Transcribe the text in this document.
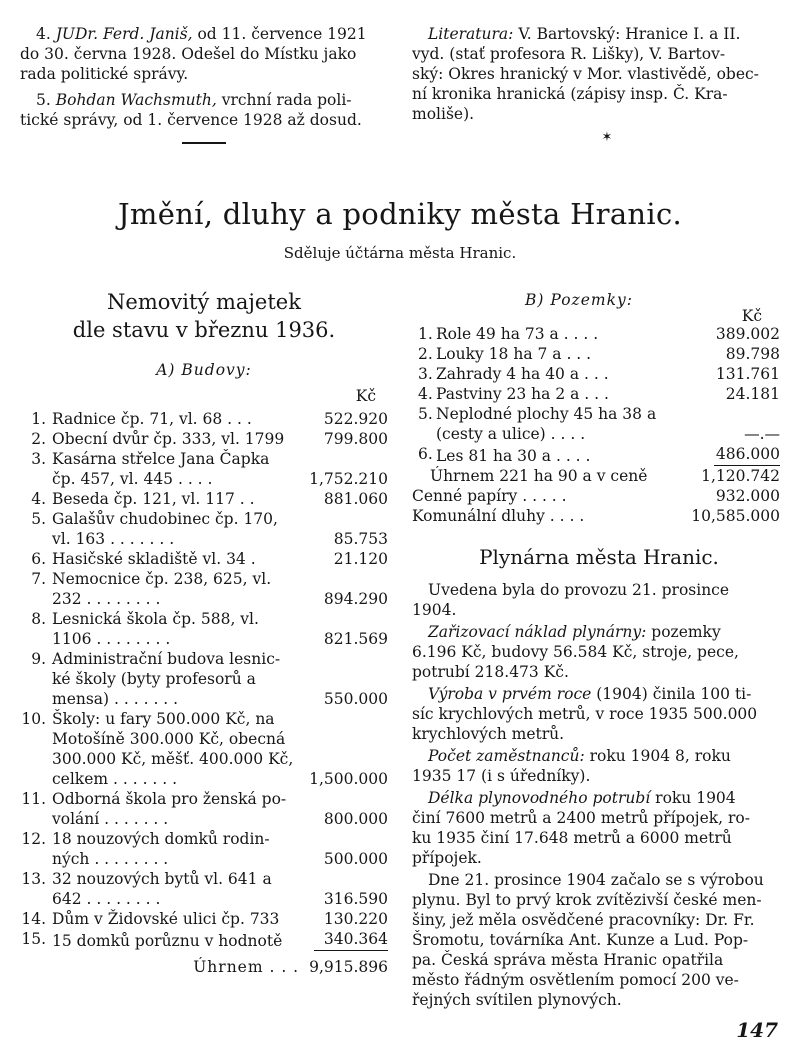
4. JUDr. Ferd. Janiš, od 11. července 1921
do 30. června 1928. Odešel do Místku jako
rada politické správy.
5. Bohdan Wachsmuth, vrchní rada poli-
tické správy, od 1. července 1928 až dosud.
Literatura: V. Bartovský: Hranice I. a II.
vyd. (stať profesora R. Lišky), V. Bartov-
ský: Okres hranický v Mor. vlastivědě, obec-
ní kronika hranická (zápisy insp. Č. Kra-
moliše).
✶
Jmění, dluhy a podniky města Hranic.
Sděluje účtárna města Hranic.
Nemovitý majetek
dle stavu v březnu 1936.
A) Budovy:
Kč
1. Radnice čp. 71, vl. 68 . . .	522.920
2. Obecní dvůr čp. 333, vl. 1799	799.800
3. Kasárna střelce Jana Čapka
čp. 457, vl. 445 . . . .	1,752.210
4. Beseda čp. 121, vl. 117 . .	881.060
5. Galašův chudobinec čp. 170,
vl. 163 . . . . . . .	85.753
6. Hasičské skladiště vl. 34 .	21.120
7. Nemocnice čp. 238, 625, vl.
232 . . . . . . . .	894.290
8. Lesnická škola čp. 588, vl.
1106 . . . . . . . .	821.569
9. Administrační budova lesnic-
ké školy (byty profesorů a
mensa) . . . . . . .	550.000
10. Školy: u fary 500.000 Kč, na
Motošíně 300.000 Kč, obecná
300.000 Kč, měšť. 400.000 Kč,
celkem . . . . . . .	1,500.000
11. Odborná škola pro ženská po-
volání . . . . . . .	800.000
12. 18 nouzových domků rodin-
ných . . . . . . . .	500.000
13. 32 nouzových bytů vl. 641 a
642 . . . . . . . .	316.590
14. Dům v Židovské ulici čp. 733	130.220
15. 15 domků porůznu v hodnotě	340.364
Úhrnem . . . 9,915.896
B) Pozemky:
Kč
1. Role 49 ha 73 a . . . .	389.002
2. Louky 18 ha 7 a . . .	89.798
3. Zahrady 4 ha 40 a . . .	131.761
4. Pastviny 23 ha 2 a . . .	24.181
5. Neplodné plochy 45 ha 38 a
(cesty a ulice) . . . .	—.—
6. Les 81 ha 30 a . . . .	486.000
Úhrnem 221 ha 90 a v ceně	1,120.742
Cenné papíry . . . . .	932.000
Komunální dluhy . . . .	10,585.000
Plynárna města Hranic.
Uvedena byla do provozu 21. prosince
1904.
Zařizovací náklad plynárny: pozemky
6.196 Kč, budovy 56.584 Kč, stroje, pece,
potrubí 218.473 Kč.
Výroba v prvém roce (1904) činila 100 ti-
síc krychlových metrů, v roce 1935 500.000
krychlových metrů.
Počet zaměstnanců: roku 1904 8, roku
1935 17 (i s úředníky).
Délka plynovodného potrubí roku 1904
činí 7600 metrů a 2400 metrů přípojek, ro-
ku 1935 činí 17.648 metrů a 6000 metrů
přípojek.
Dne 21. prosince 1904 začalo se s výrobou
plynu. Byl to prvý krok zvítězivší české men-
šiny, jež měla osvědčené pracovníky: Dr. Fr.
Šromotu, továrníka Ant. Kunze a Lud. Pop-
pa. Česká správa města Hranic opatřila
město řádným osvětlením pomocí 200 ve-
řejných svítilen plynových.
147
